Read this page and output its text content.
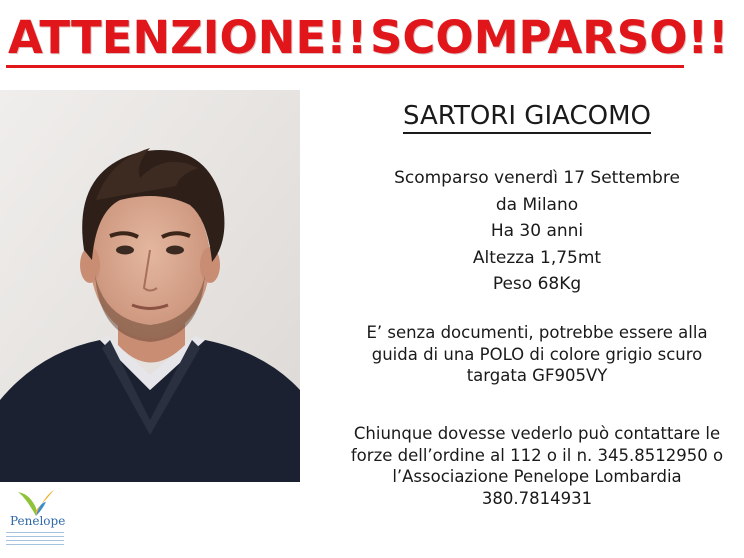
ATTENZIONE!! SCOMPARSO!!
Penelope
SARTORI GIACOMO
Scomparso venerdì 17 Settembre
da Milano
Ha 30 anni
Altezza 1,75mt
Peso 68Kg
E’ senza documenti, potrebbe essere alla
guida di una POLO di colore grigio scuro
targata GF905VY
Chiunque dovesse vederlo può contattare le
forze dell’ordine al 112 o il n. 345.8512950 o
l’Associazione Penelope Lombardia
380.7814931
